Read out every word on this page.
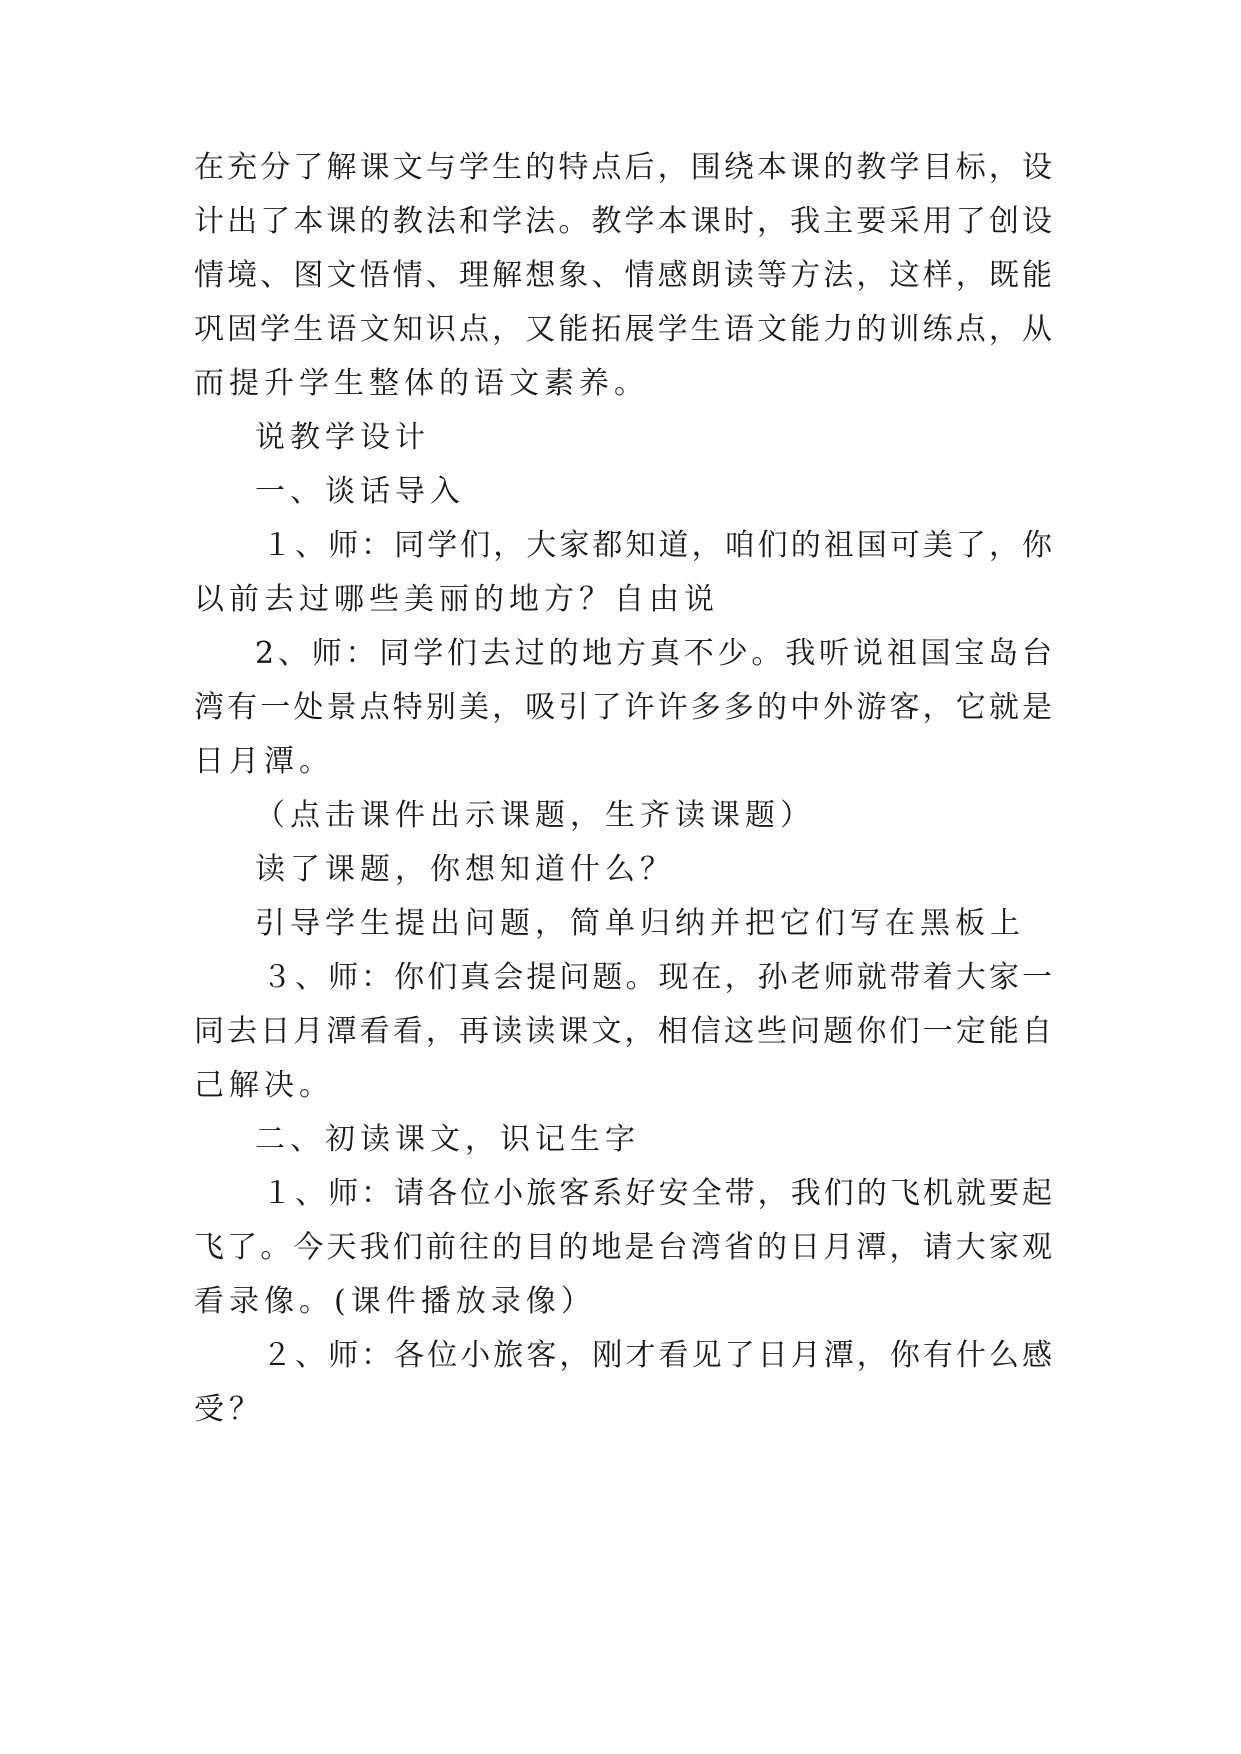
在充分了解课文与学生的特点后，围绕本课的教学目标，设
计出了本课的教法和学法。教学本课时，我主要采用了创设
情境、图文悟情、理解想象、情感朗读等方法，这样，既能
巩固学生语文知识点，又能拓展学生语文能力的训练点，从
而提升学生整体的语文素养。
说教学设计
一、谈话导入
１、师：同学们，大家都知道，咱们的祖国可美了，你
以前去过哪些美丽的地方？自由说
2、师：同学们去过的地方真不少。我听说祖国宝岛台
湾有一处景点特别美，吸引了许许多多的中外游客，它就是
日月潭。
（点击课件出示课题，生齐读课题）
读了课题，你想知道什么？
引导学生提出问题，简单归纳并把它们写在黑板上
３、师：你们真会提问题。现在，孙老师就带着大家一
同去日月潭看看，再读读课文，相信这些问题你们一定能自
己解决。
二、初读课文，识记生字
１、师：请各位小旅客系好安全带，我们的飞机就要起
飞了。今天我们前往的目的地是台湾省的日月潭，请大家观
看录像。(课件播放录像）
２、师：各位小旅客，刚才看见了日月潭，你有什么感
受？
